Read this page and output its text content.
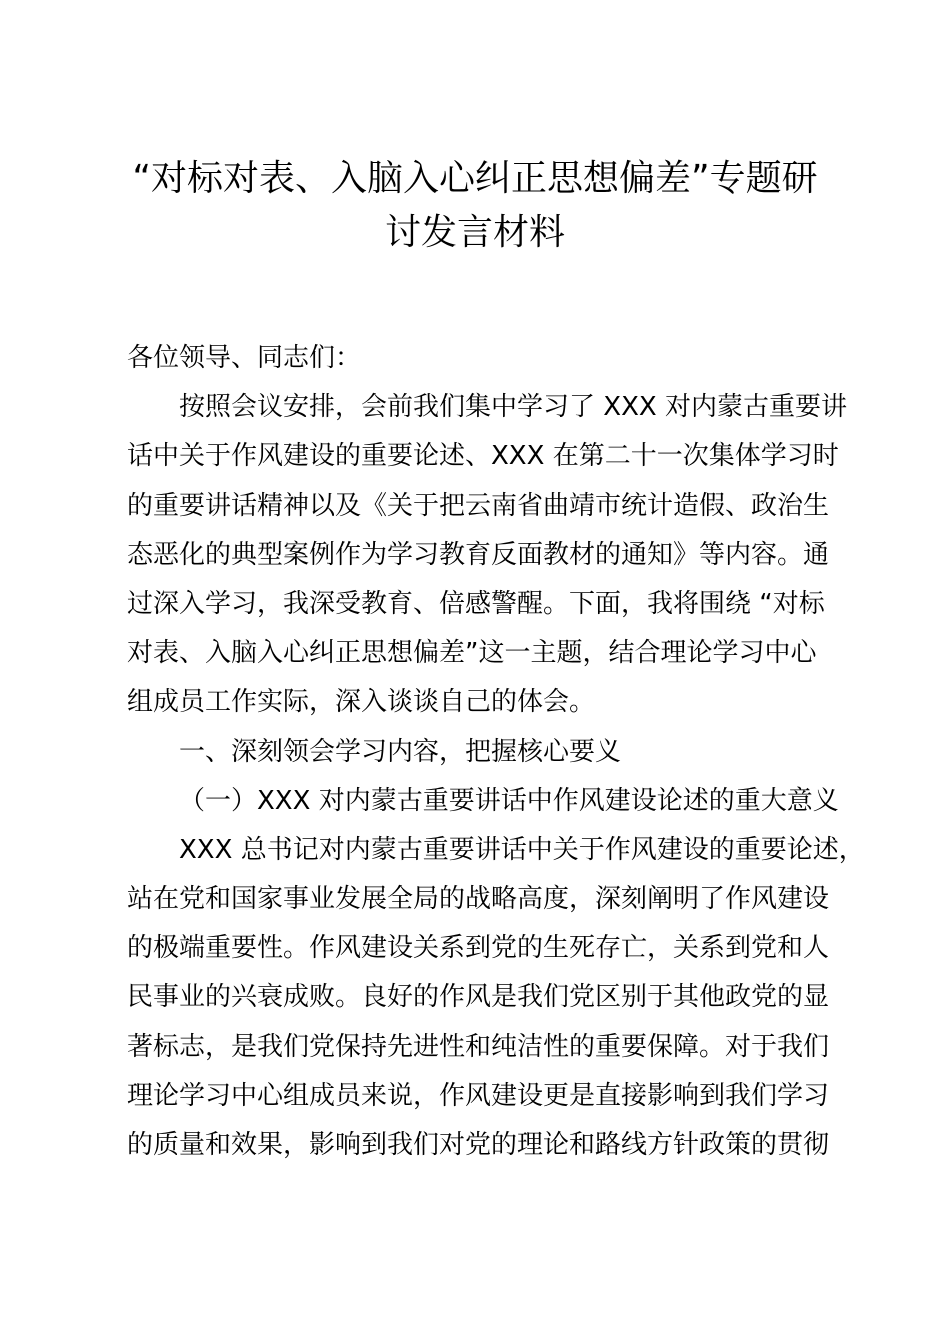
“对标对表、入脑入心纠正思想偏差”专题研
讨发言材料
各位领导、同志们：
按照会议安排，会前我们集中学习了 XXX 对内蒙古重要讲
话中关于作风建设的重要论述、XXX 在第二十一次集体学习时
的重要讲话精神以及《关于把云南省曲靖市统计造假、政治生
态恶化的典型案例作为学习教育反面教材的通知》等内容。通
过深入学习，我深受教育、倍感警醒。下面，我将围绕 “对标
对表、入脑入心纠正思想偏差”这一主题，结合理论学习中心
组成员工作实际，深入谈谈自己的体会。
一、深刻领会学习内容，把握核心要义
（一）XXX 对内蒙古重要讲话中作风建设论述的重大意义
XXX 总书记对内蒙古重要讲话中关于作风建设的重要论述，
站在党和国家事业发展全局的战略高度，深刻阐明了作风建设
的极端重要性。作风建设关系到党的生死存亡，关系到党和人
民事业的兴衰成败。良好的作风是我们党区别于其他政党的显
著标志，是我们党保持先进性和纯洁性的重要保障。对于我们
理论学习中心组成员来说，作风建设更是直接影响到我们学习
的质量和效果，影响到我们对党的理论和路线方针政策的贯彻
